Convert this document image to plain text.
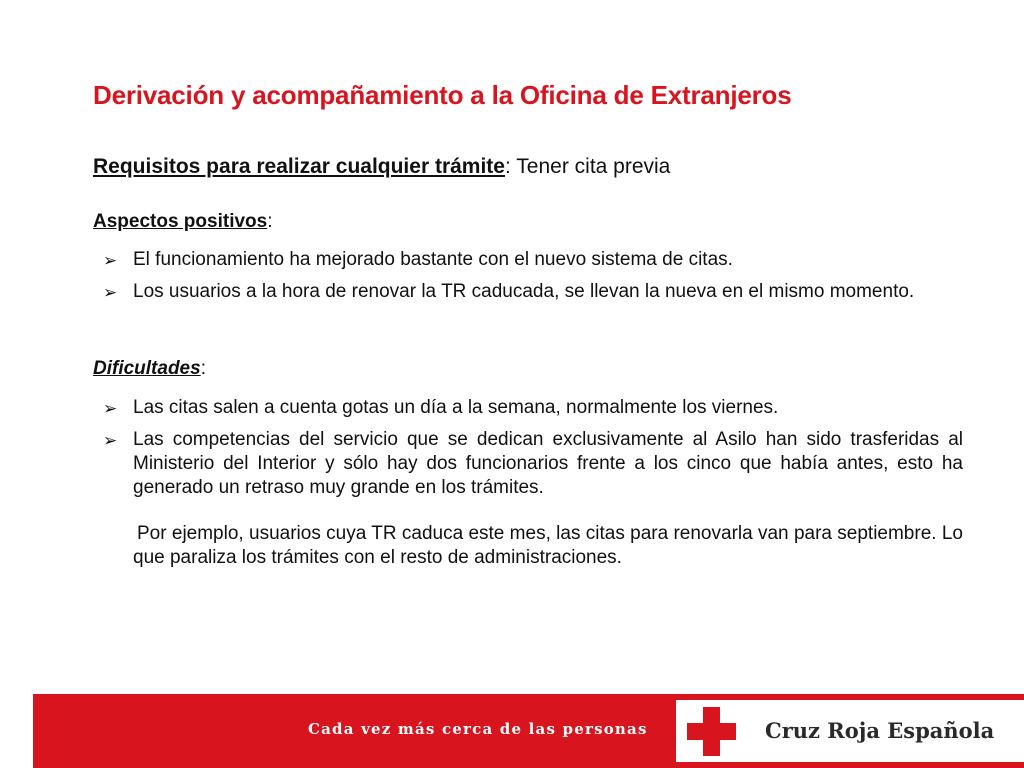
Derivación y acompañamiento a la Oficina de Extranjeros
Requisitos para realizar cualquier trámite: Tener cita previa
Aspectos positivos:
➢ El funcionamiento ha mejorado bastante con el nuevo sistema de citas.
➢ Los usuarios a la hora de renovar la TR caducada, se llevan la nueva en el mismo momento.
Dificultades:
➢ Las citas salen a cuenta gotas un día a la semana, normalmente los viernes.
➢ Las competencias del servicio que se dedican exclusivamente al Asilo han sido trasferidas al Ministerio del Interior y sólo hay dos funcionarios frente a los cinco que había antes, esto ha generado un retraso muy grande en los trámites.
Por ejemplo, usuarios cuya TR caduca este mes, las citas para renovarla van para septiembre. Lo que paraliza los trámites con el resto de administraciones.
Cada vez más cerca de las personas	Cruz Roja Española
